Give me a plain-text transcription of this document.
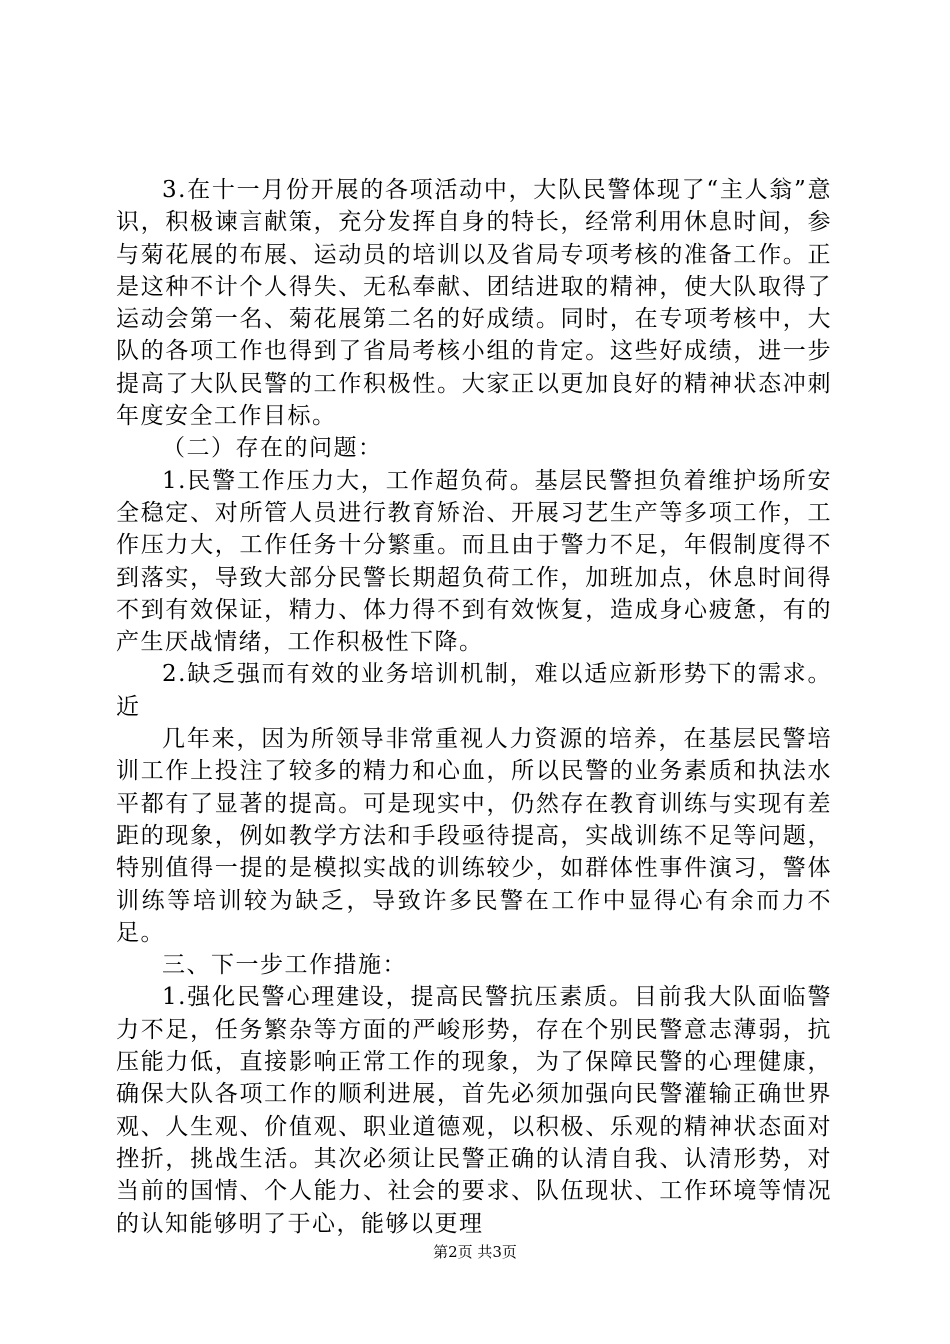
3.在十一月份开展的各项活动中，大队民警体现了“主人翁”意识，积极谏言献策，充分发挥自身的特长，经常利用休息时间，参与菊花展的布展、运动员的培训以及省局专项考核的准备工作。正是这种不计个人得失、无私奉献、团结进取的精神，使大队取得了运动会第一名、菊花展第二名的好成绩。同时，在专项考核中，大队的各项工作也得到了省局考核小组的肯定。这些好成绩，进一步提高了大队民警的工作积极性。大家正以更加良好的精神状态冲刺年度安全工作目标。

（二）存在的问题：

1.民警工作压力大，工作超负荷。基层民警担负着维护场所安全稳定、对所管人员进行教育矫治、开展习艺生产等多项工作，工作压力大，工作任务十分繁重。而且由于警力不足，年假制度得不到落实，导致大部分民警长期超负荷工作，加班加点，休息时间得不到有效保证，精力、体力得不到有效恢复，造成身心疲惫，有的产生厌战情绪，工作积极性下降。

2.缺乏强而有效的业务培训机制，难以适应新形势下的需求。近

几年来，因为所领导非常重视人力资源的培养，在基层民警培训工作上投注了较多的精力和心血，所以民警的业务素质和执法水平都有了显著的提高。可是现实中，仍然存在教育训练与实现有差距的现象，例如教学方法和手段亟待提高，实战训练不足等问题，特别值得一提的是模拟实战的训练较少，如群体性事件演习，警体训练等培训较为缺乏，导致许多民警在工作中显得心有余而力不足。

三、下一步工作措施：

1.强化民警心理建设，提高民警抗压素质。目前我大队面临警力不足，任务繁杂等方面的严峻形势，存在个别民警意志薄弱，抗压能力低，直接影响正常工作的现象，为了保障民警的心理健康，确保大队各项工作的顺利进展，首先必须加强向民警灌输正确世界观、人生观、价值观、职业道德观，以积极、乐观的精神状态面对挫折，挑战生活。其次必须让民警正确的认清自我、认清形势，对当前的国情、个人能力、社会的要求、队伍现状、工作环境等情况的认知能够明了于心，能够以更理

第2页 共3页
